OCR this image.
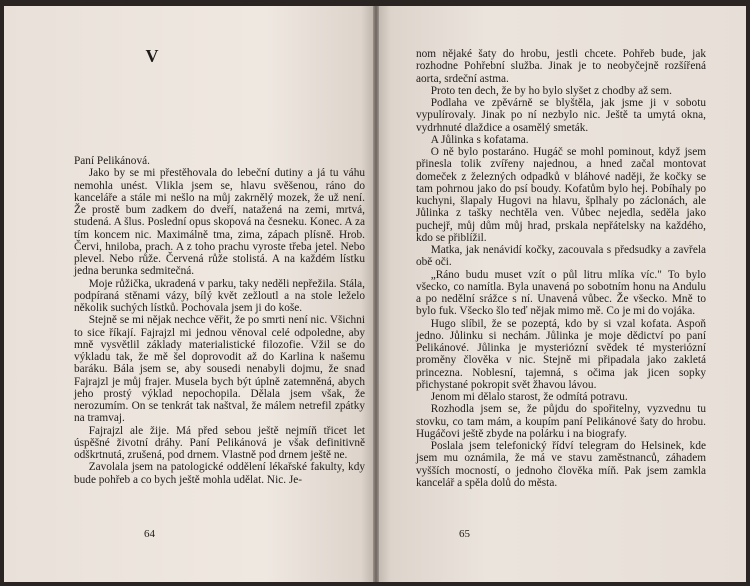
V

Paní Pelikánová.

Jako by se mi přestěhovala do lebeční dutiny a já tu váhu nemohla unést. Vlikla jsem se, hlavu svěšenou, ráno do kanceláře a stále mi nešlo na můj zakrnělý mozek, že už není. Že prostě bum zadkem do dveří, natažená na zemi, mrtvá, studená. A šlus. Poslední opus skopová na česneku. Konec. A za tím koncem nic. Maximálně tma, zima, zápach plísně. Hrob. Červi, hniloba, prach. A z toho prachu vyroste třeba jetel. Nebo plevel. Nebo růže. Červená růže stolistá. A na každém lístku jedna berunka sedmitečná.

Moje růžička, ukradená v parku, taky neděli nepřežila. Stála, podpíraná stěnami vázy, bílý květ zežloutl a na stole leželo několik suchých lístků. Pochovala jsem ji do koše.

Stejně se mi nějak nechce věřit, že po smrti není nic. Všichni to sice říkají. Fajrajzl mi jednou věnoval celé odpoledne, aby mně vysvětlil základy materialistické filozofie. Vžil se do výkladu tak, že mě šel doprovodit až do Karlina k našemu baráku. Bála jsem se, aby sousedi nenabyli dojmu, že snad Fajrajzl je můj frajer. Musela bych být úplně zatemněná, abych jeho prostý výklad nepochopila. Dělala jsem však, že nerozumím. On se tenkrát tak naštval, že málem netrefil zpátky na tramvaj.

Fajrajzl ale žije. Má před sebou ještě nejmíň třicet let úspěšné životní dráhy. Paní Pelikánová je však definitivně odškrtnutá, zrušená, pod drnem. Vlastně pod drnem ještě ne.

Zavolala jsem na patologické oddělení lékařské fakulty, kdy bude pohřeb a co bych ještě mohla udělat. Nic. Je-

64

nom nějaké šaty do hrobu, jestli chcete. Pohřeb bude, jak rozhodne Pohřební služba. Jinak je to neobyčejně rozšířená aorta, srdeční astma.

Proto ten dech, že by ho bylo slyšet z chodby až sem.

Podlaha ve zpěvárně se blyštěla, jak jsme ji v sobotu vypulírovaly. Jinak po ní nezbylo nic. Ještě ta umytá okna, vydrhnuté dlaždice a osamělý smeták.

A Jůlinka s kofatama.

O ně bylo postaráno. Hugáč se mohl pominout, když jsem přinesla tolik zvířeny najednou, a hned začal montovat domeček z železných odpadků v bláhové naději, že kočky se tam pohrnou jako do psí boudy. Kofatům bylo hej. Pobíhaly po kuchyni, šlapaly Hugovi na hlavu, šplhaly po záclonách, ale Jůlinka z tašky nechtěla ven. Vůbec nejedla, seděla jako puchejř, můj dům můj hrad, prskala nepřátelsky na každého, kdo se přiblížil.

Matka, jak nenávidí kočky, zacouvala s předsudky a zavřela obě oči.

„Ráno budu muset vzít o půl litru mlíka víc." To bylo všecko, co namítla. Byla unavená po sobotním honu na Andulu a po nedělní srážce s ní. Unavená vůbec. Že všecko. Mně to bylo fuk. Všecko šlo teď nějak mimo mě. Co je mi do vojáka.

Hugo slíbil, že se pozeptá, kdo by si vzal kofata. Aspoň jedno. Jůlinku si nechám. Jůlinka je moje dědictví po paní Pelikánové. Jůlinka je mysteriózní svědek té mysteriózní proměny člověka v nic. Stejně mi připadala jako zakletá princezna. Noblesní, tajemná, s očima jak jicen sopky přichystané pokropit svět žhavou lávou.

Jenom mi dělalo starost, že odmítá potravu.

Rozhodla jsem se, že půjdu do spořitelny, vyzvednu tu stovku, co tam mám, a koupím paní Pelikánové šaty do hrobu. Hugáčovi ještě zbyde na polárku i na biografy.

Poslala jsem telefonický řídví telegram do Helsinek, kde jsem mu oznámila, že má ve stavu zaměstnanců, záhadem vyšších mocností, o jednoho člověka míň. Pak jsem zamkla kancelář a spěla dolů do města.

65
